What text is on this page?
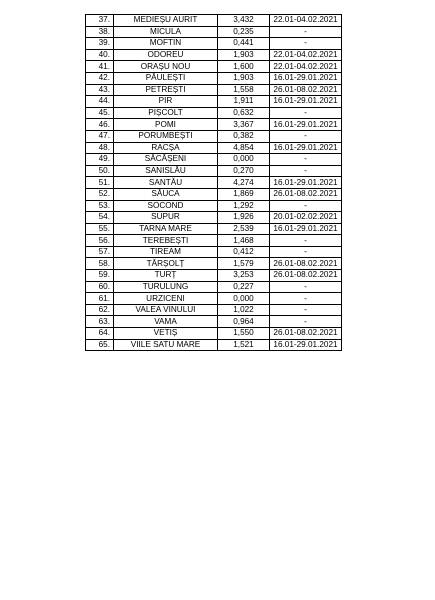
37.	MEDIEȘU AURIT	3,432	22.01-04.02.2021
38.	MICULA	0,235	-
39.	MOFTIN	0,441	-
40.	ODOREU	1,903	22.01-04.02.2021
41.	ORAȘU NOU	1,600	22.01-04.02.2021
42.	PĂULEȘTI	1,903	16.01-29.01.2021
43.	PETREȘTI	1,558	26.01-08.02.2021
44.	PIR	1,911	16.01-29.01.2021
45.	PIȘCOLT	0,632	-
46.	POMI	3,367	16.01-29.01.2021
47.	PORUMBEȘTI	0,382	-
48.	RACȘA	4,854	16.01-29.01.2021
49.	SĂCĂȘENI	0,000	-
50.	SANISLĂU	0,270	-
51.	SANTĂU	4,274	16.01-29.01.2021
52.	SĂUCA	1,869	26.01-08.02.2021
53.	SOCOND	1,292	-
54.	SUPUR	1,926	20.01-02.02.2021
55.	TARNA MARE	2,539	16.01-29.01.2021
56.	TEREBEȘTI	1,468	-
57.	TIREAM	0,412	-
58.	TĂRȘOLȚ	1,579	26.01-08.02.2021
59.	TURȚ	3,253	26.01-08.02.2021
60.	TURULUNG	0,227	-
61.	URZICENI	0,000	-
62.	VALEA VINULUI	1,022	-
63.	VAMA	0,964	-
64.	VETIȘ	1,550	26.01-08.02.2021
65.	VIILE SATU MARE	1,521	16.01-29.01.2021
